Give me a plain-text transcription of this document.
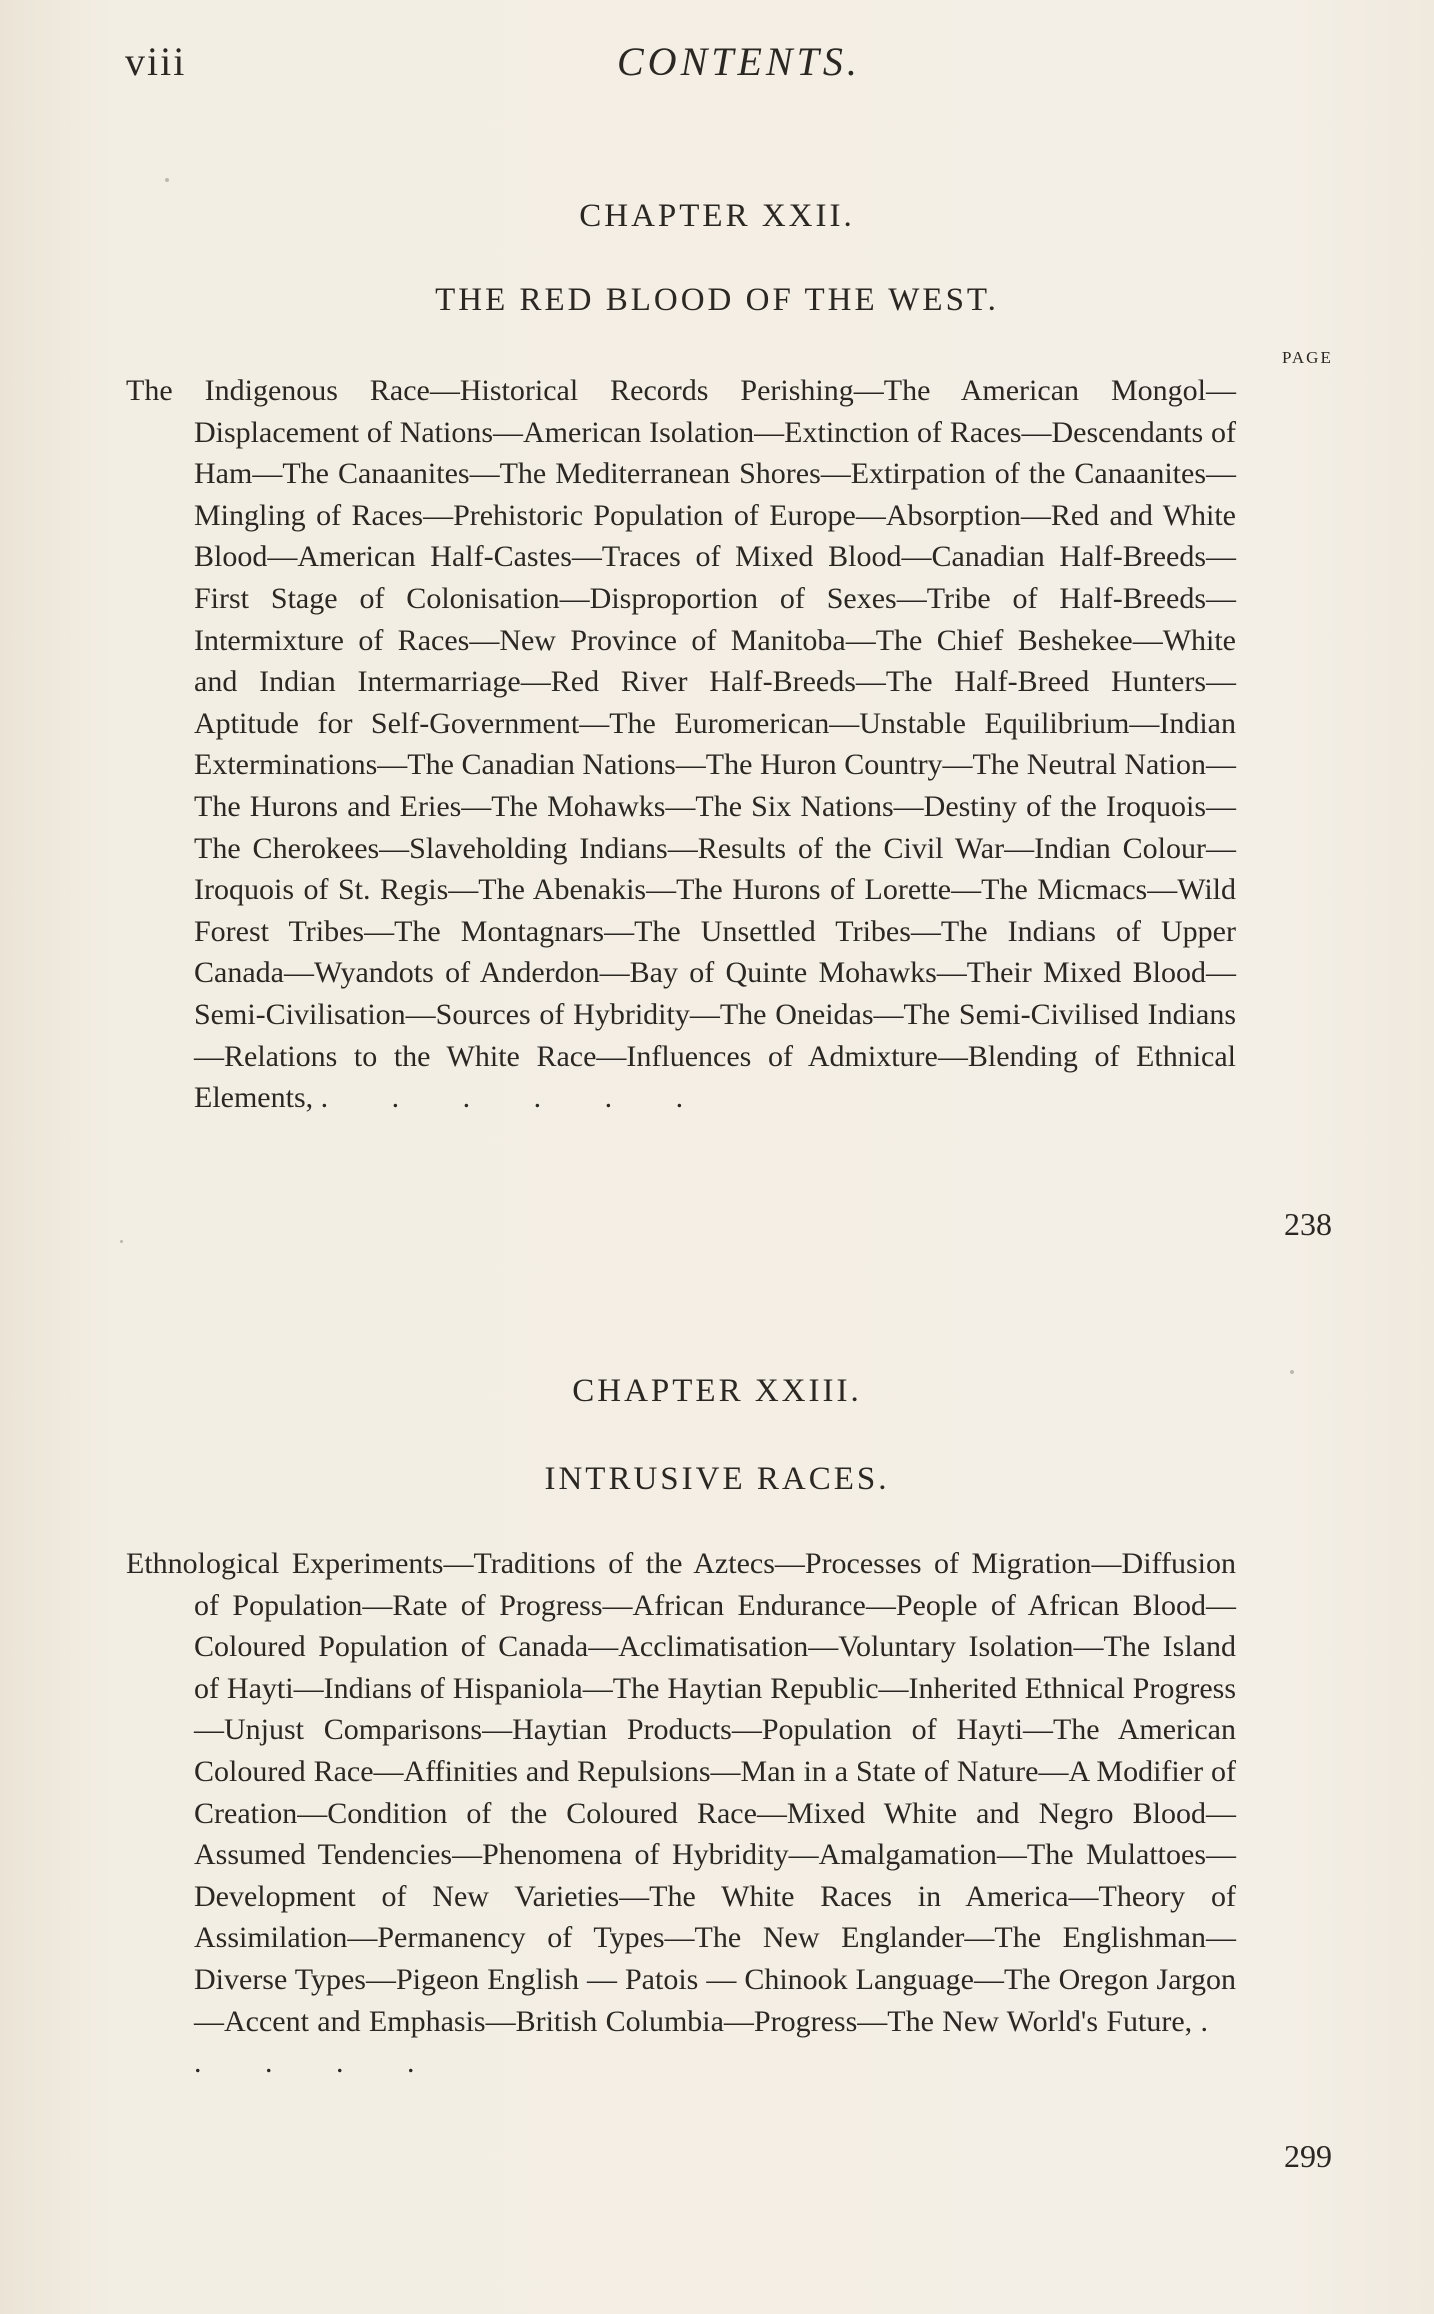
viii	CONTENTS.
CHAPTER XXII.
THE RED BLOOD OF THE WEST.
PAGE

The Indigenous Race—Historical Records Perishing—The American Mongol—Displacement of Nations—American Isolation—Extinction of Races—Descendants of Ham—The Canaanites—The Mediterranean Shores—Extirpation of the Canaanites—Mingling of Races—Prehistoric Population of Europe—Absorption—Red and White Blood—American Half-Castes—Traces of Mixed Blood—Canadian Half-Breeds—First Stage of Colonisation—Disproportion of Sexes—Tribe of Half-Breeds—Intermixture of Races—New Province of Manitoba—The Chief Beshekee—White and Indian Intermarriage—Red River Half-Breeds—The Half-Breed Hunters—Aptitude for Self-Government—The Euromerican—Unstable Equilibrium—Indian Exterminations—The Canadian Nations—The Huron Country—The Neutral Nation—The Hurons and Eries—The Mohawks—The Six Nations—Destiny of the Iroquois—The Cherokees—Slaveholding Indians—Results of the Civil War—Indian Colour—Iroquois of St. Regis—The Abenakis—The Hurons of Lorette—The Micmacs—Wild Forest Tribes—The Montagnars—The Unsettled Tribes—The Indians of Upper Canada—Wyandots of Anderdon—Bay of Quinte Mohawks—Their Mixed Blood—Semi-Civilisation—Sources of Hybridity—The Oneidas—The Semi-Civilised Indians—Relations to the White Race—Influences of Admixture—Blending of Ethnical Elements, . . . . . .

238
CHAPTER XXIII.
INTRUSIVE RACES.

Ethnological Experiments—Traditions of the Aztecs—Processes of Migration—Diffusion of Population—Rate of Progress—African Endurance—People of African Blood—Coloured Population of Canada—Acclimatisation—Voluntary Isolation—The Island of Hayti—Indians of Hispaniola—The Haytian Republic—Inherited Ethnical Progress—Unjust Comparisons—Haytian Products—Population of Hayti—The American Coloured Race—Affinities and Repulsions—Man in a State of Nature—A Modifier of Creation—Condition of the Coloured Race—Mixed White and Negro Blood—Assumed Tendencies—Phenomena of Hybridity—Amalgamation—The Mulattoes—Development of New Varieties—The White Races in America—Theory of Assimilation—Permanency of Types—The New Englander—The Englishman—Diverse Types—Pigeon English — Patois — Chinook Language—The Oregon Jargon—Accent and Emphasis—British Columbia—Progress—The New World's Future, . . . . .

299
